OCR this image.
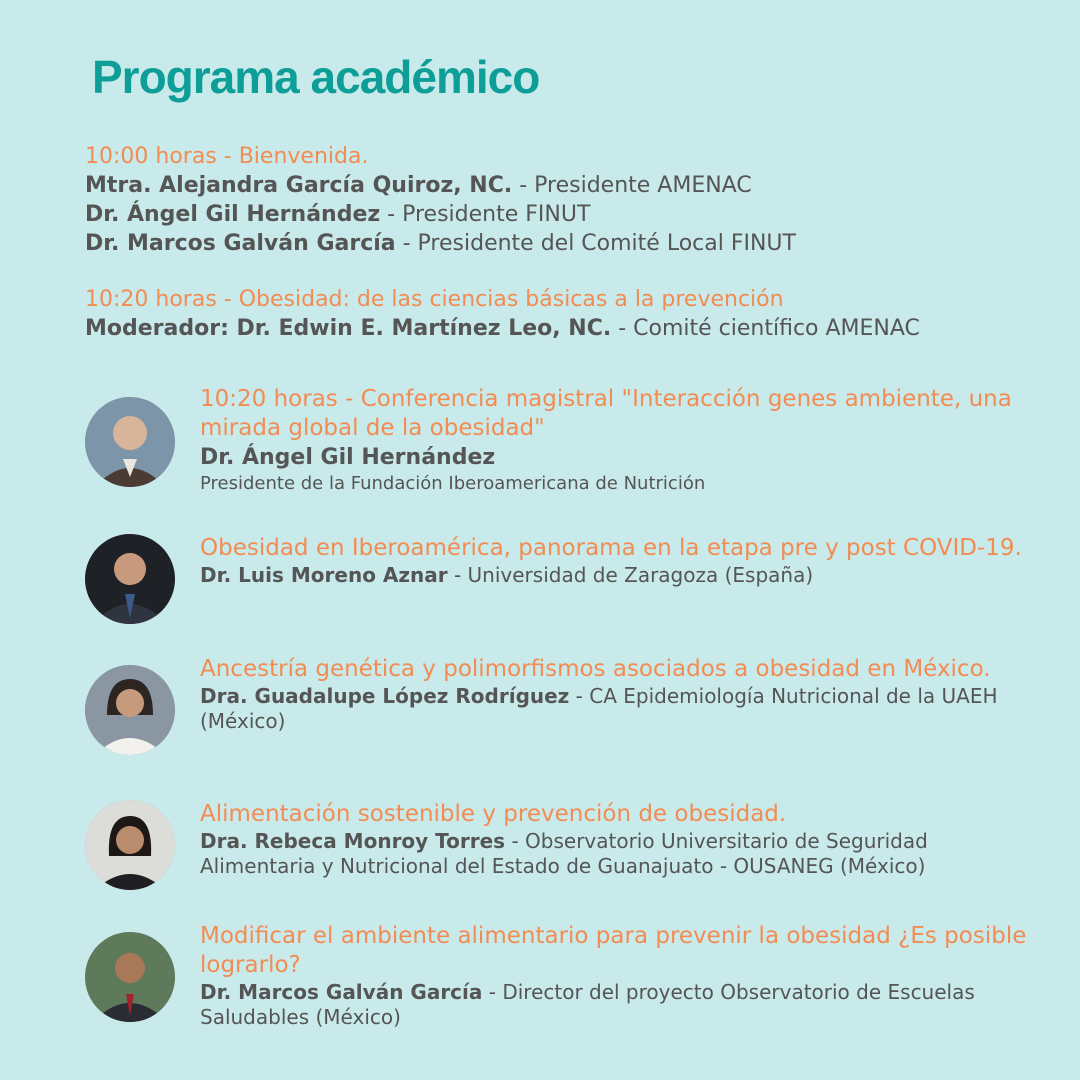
Programa académico
10:00 horas - Bienvenida.
Mtra. Alejandra García Quiroz, NC. - Presidente AMENAC
Dr. Ángel Gil Hernández - Presidente FINUT
Dr. Marcos Galván García - Presidente del Comité Local FINUT
10:20 horas - Obesidad: de las ciencias básicas a la prevención
Moderador: Dr. Edwin E. Martínez Leo, NC. - Comité científico AMENAC
10:20 horas - Conferencia magistral "Interacción genes ambiente, una mirada global de la obesidad"
Dr. Ángel Gil Hernández
Presidente de la Fundación Iberoamericana de Nutrición
Obesidad en Iberoamérica, panorama en la etapa pre y post COVID-19.
Dr. Luis Moreno Aznar - Universidad de Zaragoza (España)
Ancestría genética y polimorfismos asociados a obesidad en México.
Dra. Guadalupe López Rodríguez - CA Epidemiología Nutricional de la UAEH (México)
Alimentación sostenible y prevención de obesidad.
Dra. Rebeca Monroy Torres - Observatorio Universitario de Seguridad Alimentaria y Nutricional del Estado de Guanajuato - OUSANEG (México)
Modificar el ambiente alimentario para prevenir la obesidad ¿Es posible lograrlo?
Dr. Marcos Galván García - Director del proyecto Observatorio de Escuelas Saludables (México)
